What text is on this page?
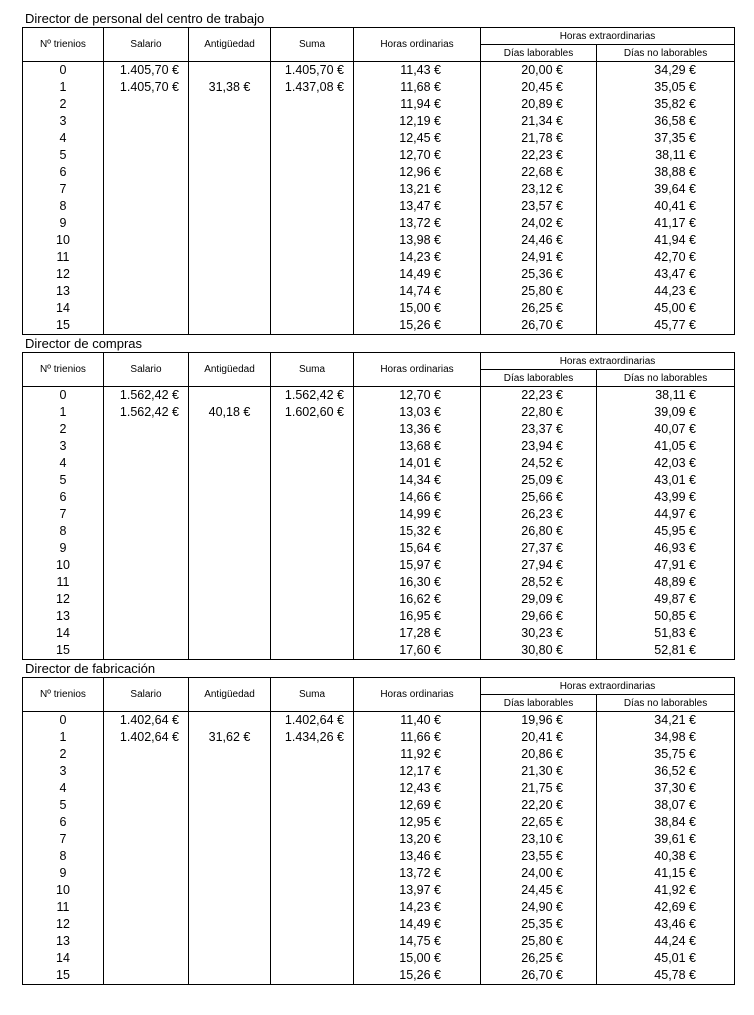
Director de personal del centro de trabajo
Nº trienios	Salario	Antigüedad	Suma	Horas ordinarias	Horas extraordinarias	
					Días laborables	Días no laborables
0	1.405,70 €		1.405,70 €	11,43 €	20,00 €	34,29 €
1	1.405,70 €	31,38 €	1.437,08 €	11,68 €	20,45 €	35,05 €
2				11,94 €	20,89 €	35,82 €
3				12,19 €	21,34 €	36,58 €
4				12,45 €	21,78 €	37,35 €
5				12,70 €	22,23 €	38,11 €
6				12,96 €	22,68 €	38,88 €
7				13,21 €	23,12 €	39,64 €
8				13,47 €	23,57 €	40,41 €
9				13,72 €	24,02 €	41,17 €
10				13,98 €	24,46 €	41,94 €
11				14,23 €	24,91 €	42,70 €
12				14,49 €	25,36 €	43,47 €
13				14,74 €	25,80 €	44,23 €
14				15,00 €	26,25 €	45,00 €
15				15,26 €	26,70 €	45,77 €
Director de compras
Nº trienios	Salario	Antigüedad	Suma	Horas ordinarias	Horas extraordinarias	
					Días laborables	Días no laborables
0	1.562,42 €		1.562,42 €	12,70 €	22,23 €	38,11 €
1	1.562,42 €	40,18 €	1.602,60 €	13,03 €	22,80 €	39,09 €
2				13,36 €	23,37 €	40,07 €
3				13,68 €	23,94 €	41,05 €
4				14,01 €	24,52 €	42,03 €
5				14,34 €	25,09 €	43,01 €
6				14,66 €	25,66 €	43,99 €
7				14,99 €	26,23 €	44,97 €
8				15,32 €	26,80 €	45,95 €
9				15,64 €	27,37 €	46,93 €
10				15,97 €	27,94 €	47,91 €
11				16,30 €	28,52 €	48,89 €
12				16,62 €	29,09 €	49,87 €
13				16,95 €	29,66 €	50,85 €
14				17,28 €	30,23 €	51,83 €
15				17,60 €	30,80 €	52,81 €
Director de fabricación
Nº trienios	Salario	Antigüedad	Suma	Horas ordinarias	Horas extraordinarias	
					Días laborables	Días no laborables
0	1.402,64 €		1.402,64 €	11,40 €	19,96 €	34,21 €
1	1.402,64 €	31,62 €	1.434,26 €	11,66 €	20,41 €	34,98 €
2				11,92 €	20,86 €	35,75 €
3				12,17 €	21,30 €	36,52 €
4				12,43 €	21,75 €	37,30 €
5				12,69 €	22,20 €	38,07 €
6				12,95 €	22,65 €	38,84 €
7				13,20 €	23,10 €	39,61 €
8				13,46 €	23,55 €	40,38 €
9				13,72 €	24,00 €	41,15 €
10				13,97 €	24,45 €	41,92 €
11				14,23 €	24,90 €	42,69 €
12				14,49 €	25,35 €	43,46 €
13				14,75 €	25,80 €	44,24 €
14				15,00 €	26,25 €	45,01 €
15				15,26 €	26,70 €	45,78 €
